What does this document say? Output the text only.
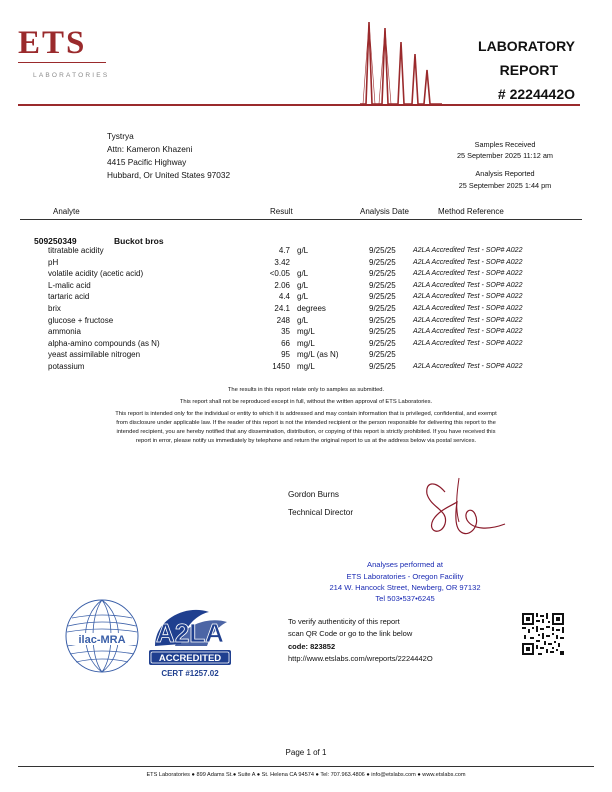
ETS
LABORATORIES
LABORATORY
REPORT
# 2224442O
Tystrya
Attn: Kameron Khazeni
4415 Pacific Highway
Hubbard, Or United States 97032
Samples Received
25 September 2025 11:12 am
Analysis Reported
25 September 2025 1:44 pm
Analyte	Result	Analysis Date	Method Reference
509250349	Buckot bros
titratable acidity	4.7 g/L	9/25/25 A2LA Accredited Test - SOP# A022
pH	3.42	9/25/25 A2LA Accredited Test - SOP# A022
volatile acidity (acetic acid)	<0.05 g/L	9/25/25 A2LA Accredited Test - SOP# A022
L-malic acid	2.06 g/L	9/25/25 A2LA Accredited Test - SOP# A022
tartaric acid	4.4 g/L	9/25/25 A2LA Accredited Test - SOP# A022
brix	24.1 degrees	9/25/25 A2LA Accredited Test - SOP# A022
glucose + fructose	248 g/L	9/25/25 A2LA Accredited Test - SOP# A022
ammonia	35 mg/L	9/25/25 A2LA Accredited Test - SOP# A022
alpha-amino compounds (as N)	66 mg/L	9/25/25 A2LA Accredited Test - SOP# A022
yeast assimilable nitrogen	95 mg/L (as N)	9/25/25
potassium	1450 mg/L	9/25/25 A2LA Accredited Test - SOP# A022
The results in this report relate only to samples as submitted.
This report shall not be reproduced except in full, without the written approval of ETS Laboratories.
This report is intended only for the individual or entity to which it is addressed and may contain information that is privileged, confidential, and exempt
from disclosure under applicable law. If the reader of this report is not the intended recipient or the person responsible for delivering this report to the
intended recipient, you are hereby notified that any dissemination, distribution, or copying of this report is strictly prohibited. If you have received this
report in error, please notify us immediately by telephone and return the original report to us at the address below via postal services.
Gordon Burns
Technical Director
Analyses performed at
ETS Laboratories - Oregon Facility
214 W. Hancock Street, Newberg, OR 97132
Tel 503•537•6245
ilac-MRA A2LA
ACCREDITED
CERT #1257.02
To verify authenticity of this report
scan QR Code or go to the link below
code: 823852
http://www.etslabs.com/wreports/2224442O
Page 1 of 1
ETS Laboratories ● 899 Adams St.● Suite A ● St. Helena CA 94574 ● Tel: 707.963.4806 ● info@etslabs.com ● www.etslabs.com
